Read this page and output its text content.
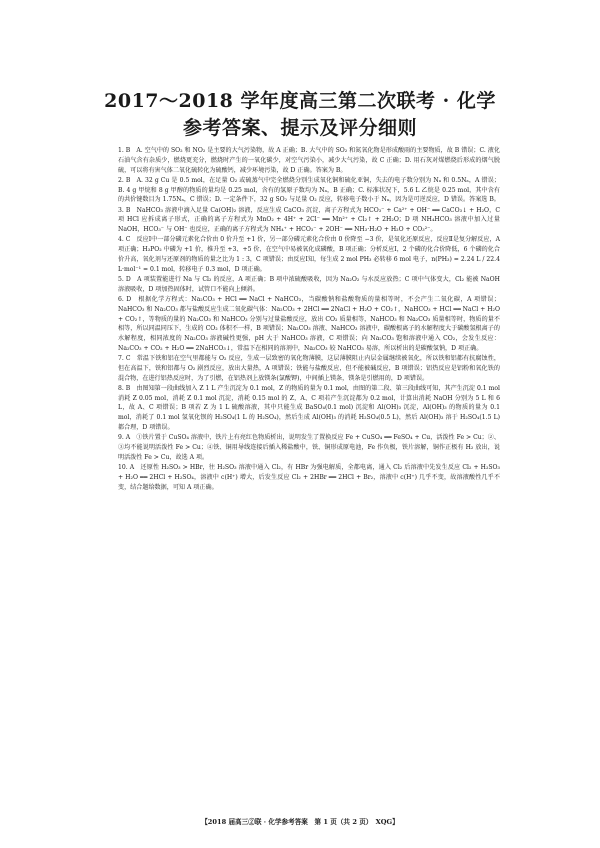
2017～2018 学年度高三第二次联考 · 化学
参考答案、提示及评分细则

1. B　A. 空气中的 SO₂ 和 NO₂ 是主要的大气污染物，故 A 正确；B. 大气中的 SO₂ 和氮氧化物是形成酸雨的主要物质，故 B 错误；C. 液化石油气含有杂质少，燃烧更充分，燃烧时产生的一氧化碳少，对空气污染小，减少大气污染，故 C 正确；D. 用石灰对煤燃烧后形成的烟气脱硫，可以将有害气体二氧化硫转化为硫酸钙，减少环境污染，故 D 正确。答案为 B。

2. B　A. 32 g Cu 是 0.5 mol，在足量 O₂ 或硫蒸气中完全燃烧分别生成氧化铜和硫化亚铜，失去的电子数分别为 Nₐ 和 0.5Nₐ，A 错误；B. 4 g 甲烷和 8 g 甲醇的物质的量均是 0.25 mol，含有的氢原子数均为 Nₐ，B 正确；C. 标准状况下，5.6 L 乙烷是 0.25 mol，其中含有的共价键数目为 1.75Nₐ，C 错误；D. 一定条件下，32 g SO₂ 与足量 O₂ 反应，转移电子数小于 Nₐ，因为是可逆反应，D 错误。答案选 B。

3. B　NaHCO₃ 溶液中滴入足量 Ca(OH)₂ 溶液，反应生成 CaCO₃ 沉淀，离子方程式为 HCO₃⁻ + Ca²⁺ + OH⁻ ══ CaCO₃↓ + H₂O，C 项 HCl 应拆成离子形式，正确的离子方程式为 MnO₂ + 4H⁺ + 2Cl⁻ ══ Mn²⁺ + Cl₂↑ + 2H₂O；D 项 NH₄HCO₃ 溶液中加入过量 NaOH，HCO₃⁻ 与 OH⁻ 也反应，正确的离子方程式为 NH₄⁺ + HCO₃⁻ + 2OH⁻ ══ NH₃·H₂O + H₂O + CO₃²⁻。

4. C　反应Ⅰ中一部分磷元素化合价由 0 价升至 +1 价，另一部分磷元素化合价由 0 价降至 −3 价，是氧化还原反应，反应Ⅱ是复分解反应，A 项正确；H₃PO₂ 中磷为 +1 价，推升至 +3、+5 价，在空气中易被氧化成磷酸，B 项正确；分析反应Ⅰ，2 个磷的化合价降低，6 个磷的化合价升高，氧化剂与还原剂的物质的量之比为 1 : 3，C 项错误；由反应Ⅰ知，每生成 2 mol PH₃ 必转移 6 mol 电子，n(PH₃) = 2.24 L / 22.4 L·mol⁻¹ = 0.1 mol，转移电子 0.3 mol，D 项正确。

5. D　A 项装置能进行 Na 与 Cl₂ 的反应，A 项正确；B 项中浓硫酸吸收，因为 Na₂O₂ 与水反应放热；C 项中气体变大，Cl₂ 能被 NaOH 溶液吸收，D 项加热固体时，试管口不能向上倾斜。

6. D　根据化学方程式：Na₂CO₃ + HCl ══ NaCl + NaHCO₃，当碳酸钠和盐酸物质的量相等时，不会产生二氧化碳，A 项错误；NaHCO₃ 和 Na₂CO₃ 都与盐酸反应生成二氧化碳气体：Na₂CO₃ + 2HCl ══ 2NaCl + H₂O + CO₂↑，NaHCO₃ + HCl ══ NaCl + H₂O + CO₂↑，等物质的量的 Na₂CO₃ 和 NaHCO₃ 分别与过量盐酸反应，放出 CO₂ 质量相等，NaHCO₃ 和 Na₂CO₃ 质量相等时，物质的量不相等，所以同温同压下，生成的 CO₂ 体积不一样，B 项错误；Na₂CO₃ 溶液、NaHCO₃ 溶液中，碳酸根离子的水解程度大于碳酸氢根离子的水解程度，相同浓度的 Na₂CO₃ 溶液碱性更强，pH 大于 NaHCO₃ 溶液，C 项错误；向 Na₂CO₃ 饱和溶液中通入 CO₂，会发生反应：Na₂CO₃ + CO₂ + H₂O ══ 2NaHCO₃↓，常温下在相同的溶剂中，Na₂CO₃ 较 NaHCO₃ 易溶，所以析出的是碳酸氢钠，D 项正确。

7. C　常温下铁和铝在空气里都能与 O₂ 反应，生成一层致密的氧化物薄膜，这层薄膜阻止内层金属继续被氧化，所以铁和铝都有抗腐蚀性，但在高温下，铁和铝都与 O₂ 剧烈反应，放出大量热，A 项错误；铁能与盐酸反应，但不能被碱反应，B 项错误；铝热反应是铝粉和氧化铁的混合物，在进行铝热反应时，为了引燃，在铝热剂上放镁条(氯酸钾)，中间插上镁条，镁条是引燃用的，D 项错误。

8. B　由图知第一段曲线加入 Z 1 L 产生沉淀为 0.1 mol，Z 的物质的量为 0.1 mol，由图的第二段、第三段曲线可知，其产生沉淀 0.1 mol 消耗 Z 0.05 mol，消耗 Z 0.1 mol 沉淀，消耗 0.15 mol 的 Z，A、C 项若产生沉淀都为 0.2 mol，计算出消耗 NaOH 分别为 5 L 和 6 L，故 A、C 项错误；B 项若 Z 为 1 L 硫酸溶液，其中只能生成 BaSO₄(0.1 mol) 沉淀和 Al(OH)₃ 沉淀，Al(OH)₃ 的物质的量为 0.1 mol，消耗了 0.1 mol 氢氧化钡的 H₂SO₄(1 L 的 H₂SO₄)，然后生成 Al(OH)₃ 的消耗 H₂SO₄(0.5 L)，然后 Al(OH)₃ 溶于 H₂SO₄(1.5 L) 都合理，D 项错误。

9. A　①铁片置于 CuSO₄ 溶液中，铁片上有亮红色物质析出，说明发生了置换反应 Fe + CuSO₄ ══ FeSO₄ + Cu，活泼性 Fe > Cu；②、③均不能说明活泼性 Fe > Cu；④铁、铜用导线连接后插入稀盐酸中，铁、铜形成原电池，Fe 作负极，铁片溶解，铜作正极有 H₂ 放出，说明活泼性 Fe > Cu，故选 A 项。

10. A　还原性 H₂SO₃ > HBr，往 H₂SO₃ 溶液中通入 Cl₂，有 HBr 为强电解质，全都电离，通入 Cl₂ 后溶液中先发生反应 Cl₂ + H₂SO₃ + H₂O ══ 2HCl + H₂SO₄，溶液中 c(H⁺) 增大，后发生反应 Cl₂ + 2HBr ══ 2HCl + Br₂，溶液中 c(H⁺) 几乎不变，故溶液酸性几乎不变，结合题给数据，可知 A 项正确。

【2018 届高三②联 · 化学参考答案　第 1 页（共 2 页）　XQG】
